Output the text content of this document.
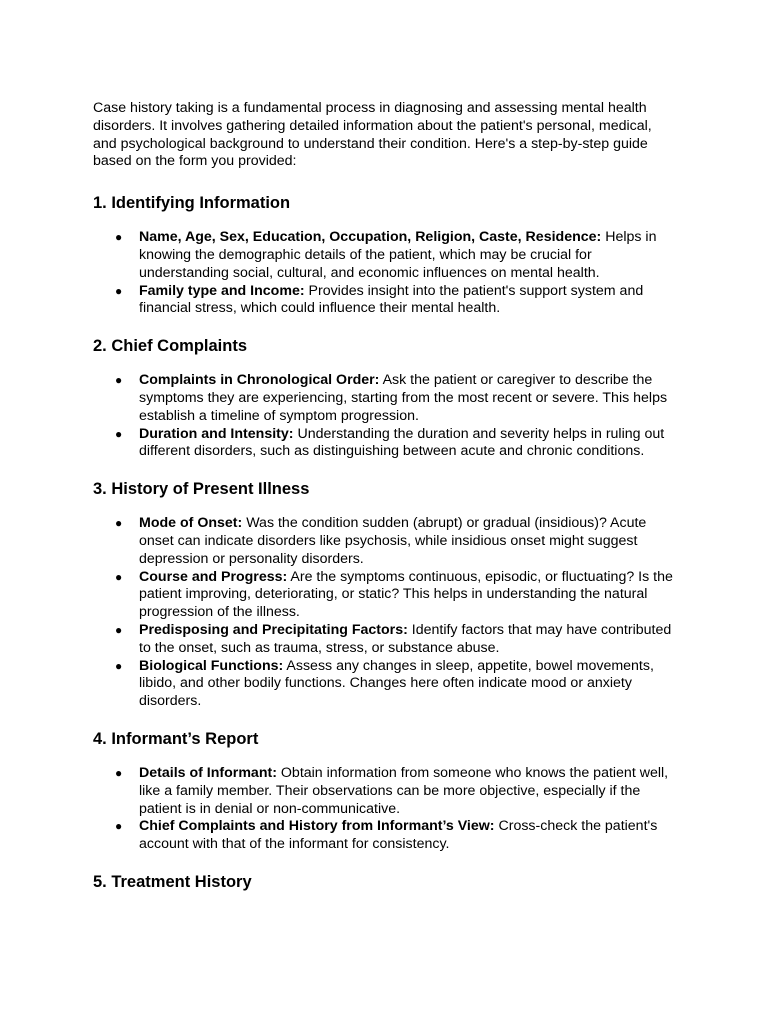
Case history taking is a fundamental process in diagnosing and assessing mental health disorders. It involves gathering detailed information about the patient's personal, medical, and psychological background to understand their condition. Here's a step-by-step guide based on the form you provided:

1. Identifying Information
● Name, Age, Sex, Education, Occupation, Religion, Caste, Residence: Helps in knowing the demographic details of the patient, which may be crucial for understanding social, cultural, and economic influences on mental health.
● Family type and Income: Provides insight into the patient's support system and financial stress, which could influence their mental health.
2. Chief Complaints
● Complaints in Chronological Order: Ask the patient or caregiver to describe the symptoms they are experiencing, starting from the most recent or severe. This helps establish a timeline of symptom progression.
● Duration and Intensity: Understanding the duration and severity helps in ruling out different disorders, such as distinguishing between acute and chronic conditions.
3. History of Present Illness
● Mode of Onset: Was the condition sudden (abrupt) or gradual (insidious)? Acute onset can indicate disorders like psychosis, while insidious onset might suggest depression or personality disorders.
● Course and Progress: Are the symptoms continuous, episodic, or fluctuating? Is the patient improving, deteriorating, or static? This helps in understanding the natural progression of the illness.
● Predisposing and Precipitating Factors: Identify factors that may have contributed to the onset, such as trauma, stress, or substance abuse.
● Biological Functions: Assess any changes in sleep, appetite, bowel movements, libido, and other bodily functions. Changes here often indicate mood or anxiety disorders.
4. Informant’s Report
● Details of Informant: Obtain information from someone who knows the patient well, like a family member. Their observations can be more objective, especially if the patient is in denial or non-communicative.
● Chief Complaints and History from Informant’s View: Cross-check the patient's account with that of the informant for consistency.
5. Treatment History
